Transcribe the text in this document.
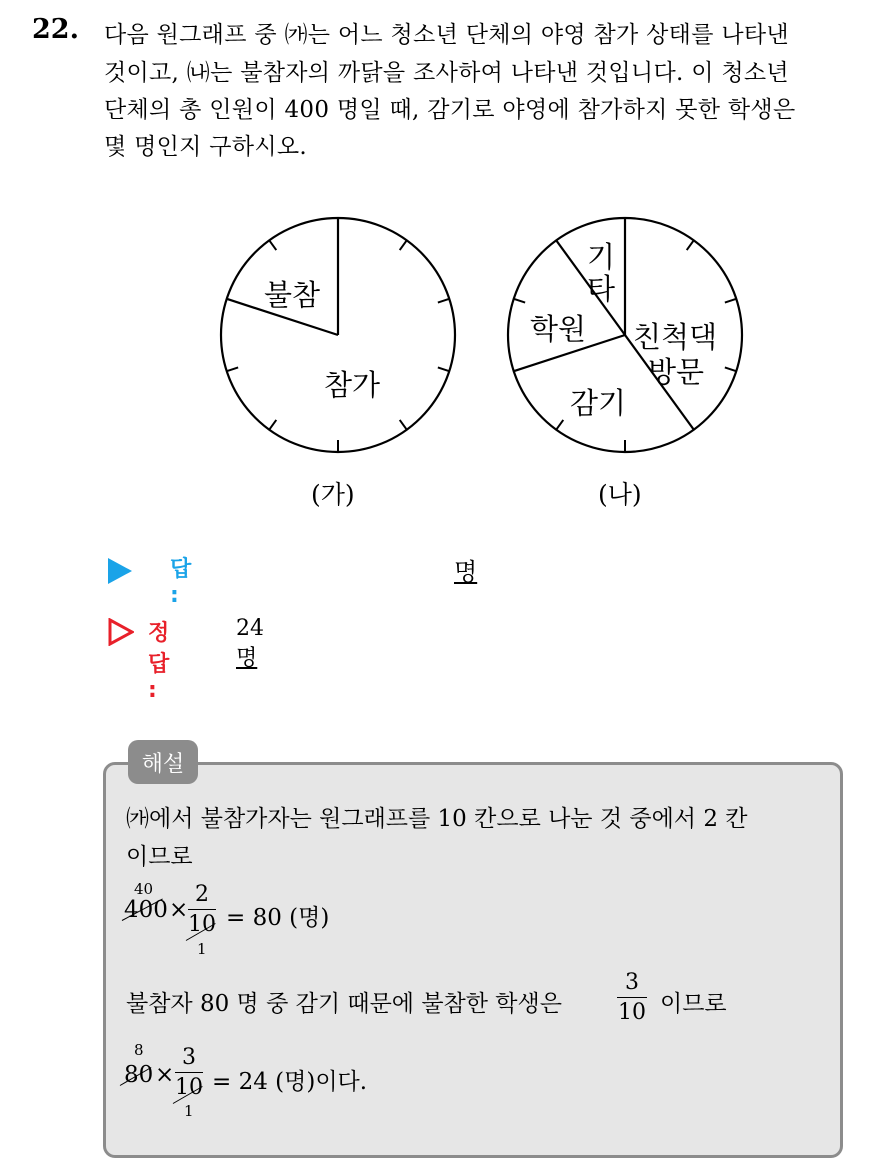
22. 다음 원그래프 중 ㈎는 어느 청소년 단체의 야영 참가 상태를 나타낸
것이고, ㈏는 불참자의 까닭을 조사하여 나타낸 것입니다. 이 청소년
단체의 총 인원이 400 명일 때, 감기로 야영에 참가하지 못한 학생은
몇 명인지 구하시오.
불참
참가
(가)
기
타
학원 친척댁
방문
감기
(나)
답 :
명
정답 :
24명
해설
㈎에서 불참가자는 원그래프를 10 칸으로 나눈 것 중에서 2 칸
이므로
40
400 ×
2
10
1
= 80 (명)
불참자 80 명 중 감기 때문에 불참한 학생은
3
10 이므로
8
80 ×
3
10
1
= 24 (명)이다.
